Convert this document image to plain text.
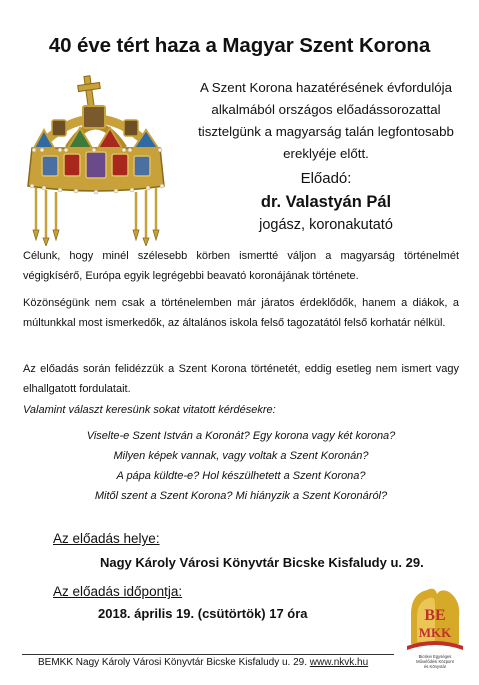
40 éve tért haza a Magyar Szent Korona
A Szent Korona hazatérésének évfordulója
alkalmából országos előadássorozattal
tisztelgünk a magyarság talán legfontosabb
ereklyéje előtt.
Előadó:
dr. Valastyán Pál
jogász, koronakutató
Célunk, hogy minél szélesebb körben ismertté váljon a magyarság történelmét végigkísérő, Európa egyik legrégebbi beavató koronájának története.
Közönségünk nem csak a történelemben már járatos érdeklődők, hanem a diákok, a múltunkkal most ismerkedők, az általános iskola felső tagozatától felső korhatár nélkül.
Az előadás során felidézzük a Szent Korona történetét, eddig esetleg nem ismert vagy elhallgatott fordulatait.
Valamint választ keresünk sokat vitatott kérdésekre:
Viselte-e Szent István a Koronát? Egy korona vagy két korona?
Milyen képek vannak, vagy voltak a Szent Koronán?
A pápa küldte-e? Hol készülhetett a Szent Korona?
Mitől szent a Szent Korona? Mi hiányzik a Szent Koronáról?
Az előadás helye:
Nagy Károly Városi Könyvtár Bicske Kisfaludy u. 29.
Az előadás időpontja:
2018. április 19. (csütörtök) 17 óra	BE
MKK
Bicskei Egységes
Művelődési Központ
és Könyvtár
BEMKK Nagy Károly Városi Könyvtár Bicske Kisfaludy u. 29. www.nkvk.hu
